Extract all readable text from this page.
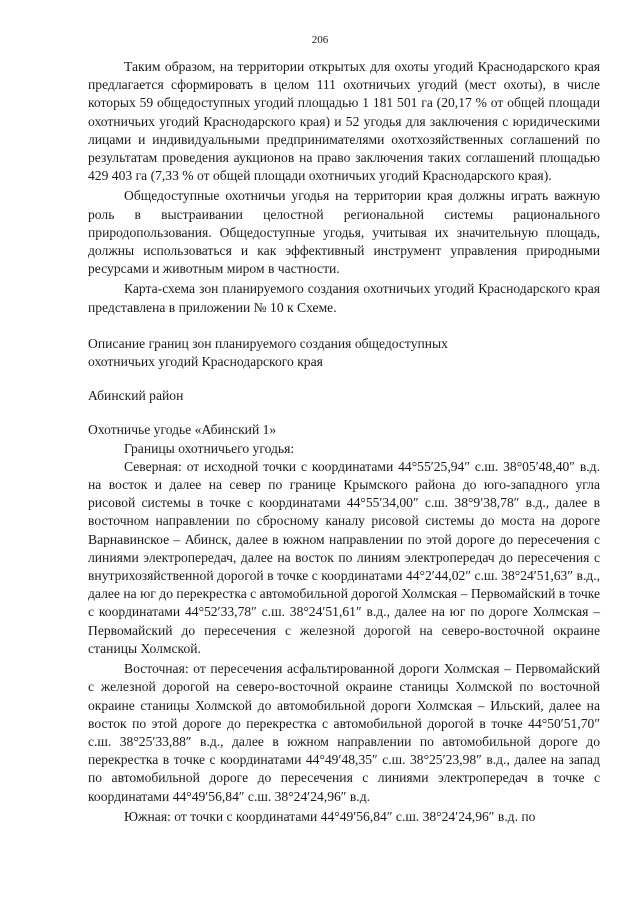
206

Таким образом, на территории открытых для охоты угодий Краснодарского края предлагается сформировать в целом 111 охотничьих угодий (мест охоты), в числе которых 59 общедоступных угодий площадью 1 181 501 га (20,17 % от общей площади охотничьих угодий Краснодарского края) и 52 угодья для заключения с юридическими лицами и индивидуальными предпринимателями охотхозяйственных соглашений по результатам проведения аукционов на право заключения таких соглашений площадью 429 403 га (7,33 % от общей площади охотничьих угодий Краснодарского края).

Общедоступные охотничьи угодья на территории края должны играть важную роль в выстраивании целостной региональной системы рационального природопользования. Общедоступные угодья, учитывая их значительную площадь, должны использоваться и как эффективный инструмент управления природными ресурсами и животным миром в частности.

Карта-схема зон планируемого создания охотничьих угодий Краснодарского края представлена в приложении № 10 к Схеме.

Описание границ зон планируемого создания общедоступных
охотничьих угодий Краснодарского края

Абинский район

Охотничье угодье «Абинский 1»

Границы охотничьего угодья:

Северная: от исходной точки с координатами 44°55′25,94″ с.ш. 38°05′48,40″ в.д. на восток и далее на север по границе Крымского района до юго-западного угла рисовой системы в точке с координатами 44°55′34,00″ с.ш. 38°9′38,78″ в.д., далее в восточном направлении по сбросному каналу рисовой системы до моста на дороге Варнавинское – Абинск, далее в южном направлении по этой дороге до пересечения с линиями электропередач, далее на восток по линиям электропередач до пересечения с внутрихозяйственной дорогой в точке с координатами 44°2′44,02″ с.ш. 38°24′51,63″ в.д., далее на юг до перекрестка с автомобильной дорогой Холмская – Первомайский в точке с координатами 44°52′33,78″ с.ш. 38°24′51,61″ в.д., далее на юг по дороге Холмская – Первомайский до пересечения с железной дорогой на северо-восточной окраине станицы Холмской.

Восточная: от пересечения асфальтированной дороги Холмская – Первомайский с железной дорогой на северо-восточной окраине станицы Холмской по восточной окраине станицы Холмской до автомобильной дороги Холмская – Ильский, далее на восток по этой дороге до перекрестка с автомобильной дорогой в точке 44°50′51,70″ с.ш. 38°25′33,88″ в.д., далее в южном направлении по автомобильной дороге до перекрестка в точке с координатами 44°49′48,35″ с.ш. 38°25′23,98″ в.д., далее на запад по автомобильной дороге до пересечения с линиями электропередач в точке с координатами 44°49′56,84″ с.ш. 38°24′24,96″ в.д.

Южная: от точки с координатами 44°49′56,84″ с.ш. 38°24′24,96″ в.д. по
